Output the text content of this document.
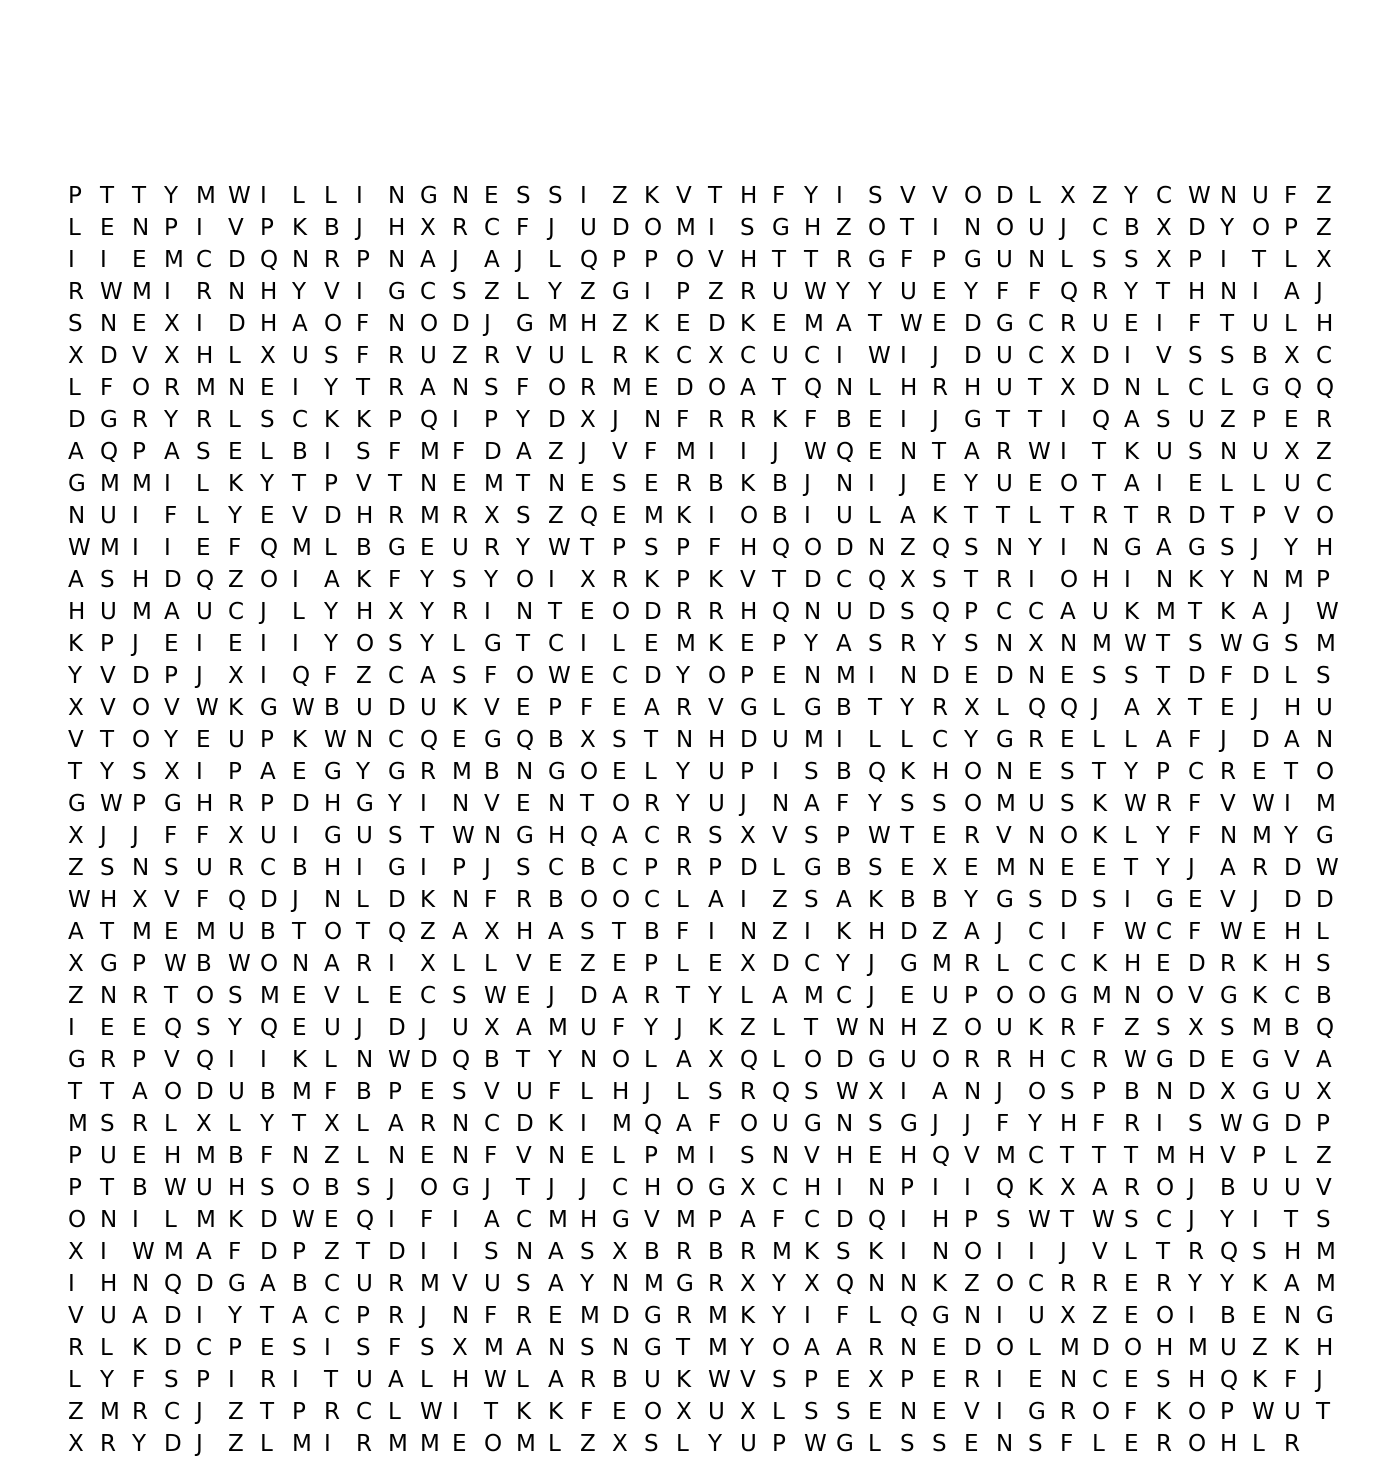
P T T Y M W I	L L I	N G N E S S I	Z K V T H F Y I	S V V O D L X Z Y C W N U F Z
L E N P I	V P K B J	H X R C F J	U D O M I	S G H Z O T I	N O U J	C B X D Y O P Z
I	I	E M C D Q N R P N A J	A J	L Q P P O V H T T R G F P G U N L S S X P I	T L X
R W M I	R N H Y V I	G C S Z L Y Z G I	P Z R U W Y Y U E Y F F Q R Y T H N I	A J
S N E X I	D H A O F N O D J	G M H Z K E D K E M A T W E D G C R U E I	F T U L H
X D V X H L X U S F R U Z R V U L R K C X C U C I	W I	J	D U C X D I	V S S B X C
L F O R M N E I	Y T R A N S F O R M E D O A T Q N L H R H U T X D N L C L G Q Q
D G R Y R L S C K K P Q I	P Y D X J	N F R R K F B E I	J	G T T I	Q A S U Z P E R
A Q P A S E L B I	S F M F D A Z J	V F M I	I	J	W Q E N T A R W I	T K U S N U X Z
G M M I	L K Y T P V T N E M T N E S E R B K B J	N I	J	E Y U E O T A I	E L L U C
N U I	F L Y E V D H R M R X S Z Q E M K I	O B I	U L A K T T L T R T R D T P V O
W M I	I	E F Q M L B G E U R Y W T P S P F H Q O D N Z Q S N Y I	N G A G S J	Y H
A S H D Q Z O I	A K F Y S Y O I	X R K P K V T D C Q X S T R I	O H I	N K Y N M P
H U M A U C J	L Y H X Y R I	N T E O D R R H Q N U D S Q P C C A U K M T K A J	W
K P J	E I	E I	I	Y O S Y L G T C I	L E M K E P Y A S R Y S N X N M W T S W G S M
Y V D P J	X I	Q F Z C A S F O W E C D Y O P E N M I	N D E D N E S S T D F D L S
X V O V W K G W B U D U K V E P F E A R V G L G B T Y R X L Q Q J	A X T E J	H U
V T O Y E U P K W N C Q E G Q B X S T N H D U M I	L L C Y G R E L L A F J	D A N
T Y S X I	P A E G Y G R M B N G O E L Y U P I	S B Q K H O N E S T Y P C R E T O
G W P G H R P D H G Y I	N V E N T O R Y U J	N A F Y S S O M U S K W R F V W I	M
X J	J	F F X U I	G U S T W N G H Q A C R S X V S P W T E R V N O K L Y F N M Y G
Z S N S U R C B H I	G I	P J	S C B C P R P D L G B S E X E M N E E T Y J	A R D W
W H X V F Q D J	N L D K N F R B O O C L A I	Z S A K B B Y G S D S I	G E V J	D D
A T M E M U B T O T Q Z A X H A S T B F I	N Z I	K H D Z A J	C I	F W C F W E H L
X G P W B W O N A R I	X L L V E Z E P L E X D C Y J	G M R L C C K H E D R K H S
Z N R T O S M E V L E C S W E J	D A R T Y L A M C J	E U P O O G M N O V G K C B
I	E E Q S Y Q E U J	D J	U X A M U F Y J	K Z L T W N H Z O U K R F Z S X S M B Q
G R P V Q I	I	K L N W D Q B T Y N O L A X Q L O D G U O R R H C R W G D E G V A
T T A O D U B M F B P E S V U F L H J	L S R Q S W X I	A N J	O S P B N D X G U X
M S R L X L Y T X L A R N C D K I	M Q A F O U G N S G J	J	F Y H F R I	S W G D P
P U E H M B F N Z L N E N F V N E L P M I	S N V H E H Q V M C T T T M H V P L Z
P T B W U H S O B S J	O G J	T J	J	C H O G X C H I	N P I	I	Q K X A R O J	B U U V
O N I	L M K D W E Q I	F I	A C M H G V M P A F C D Q I	H P S W T W S C J	Y I	T S
X I	W M A F D P Z T D I	I	S N A S X B R B R M K S K I	N O I	I	J	V L T R Q S H M
I	H N Q D G A B C U R M V U S A Y N M G R X Y X Q N N K Z O C R R E R Y Y K A M
V U A D I	Y T A C P R J	N F R E M D G R M K Y I	F L Q G N I	U X Z E O I	B E N G
R L K D C P E S I	S F S X M A N S N G T M Y O A A R N E D O L M D O H M U Z K H
L Y F S P I	R I	T U A L H W L A R B U K W V S P E X P E R I	E N C E S H Q K F J
Z M R C J	Z T P R C L W I	T K K F E O X U X L S S E N E V I	G R O F K O P W U T
X R Y D J	Z L M I	R M M E O M L Z X S L Y U P W G L S S E N S F L E R O H L R
